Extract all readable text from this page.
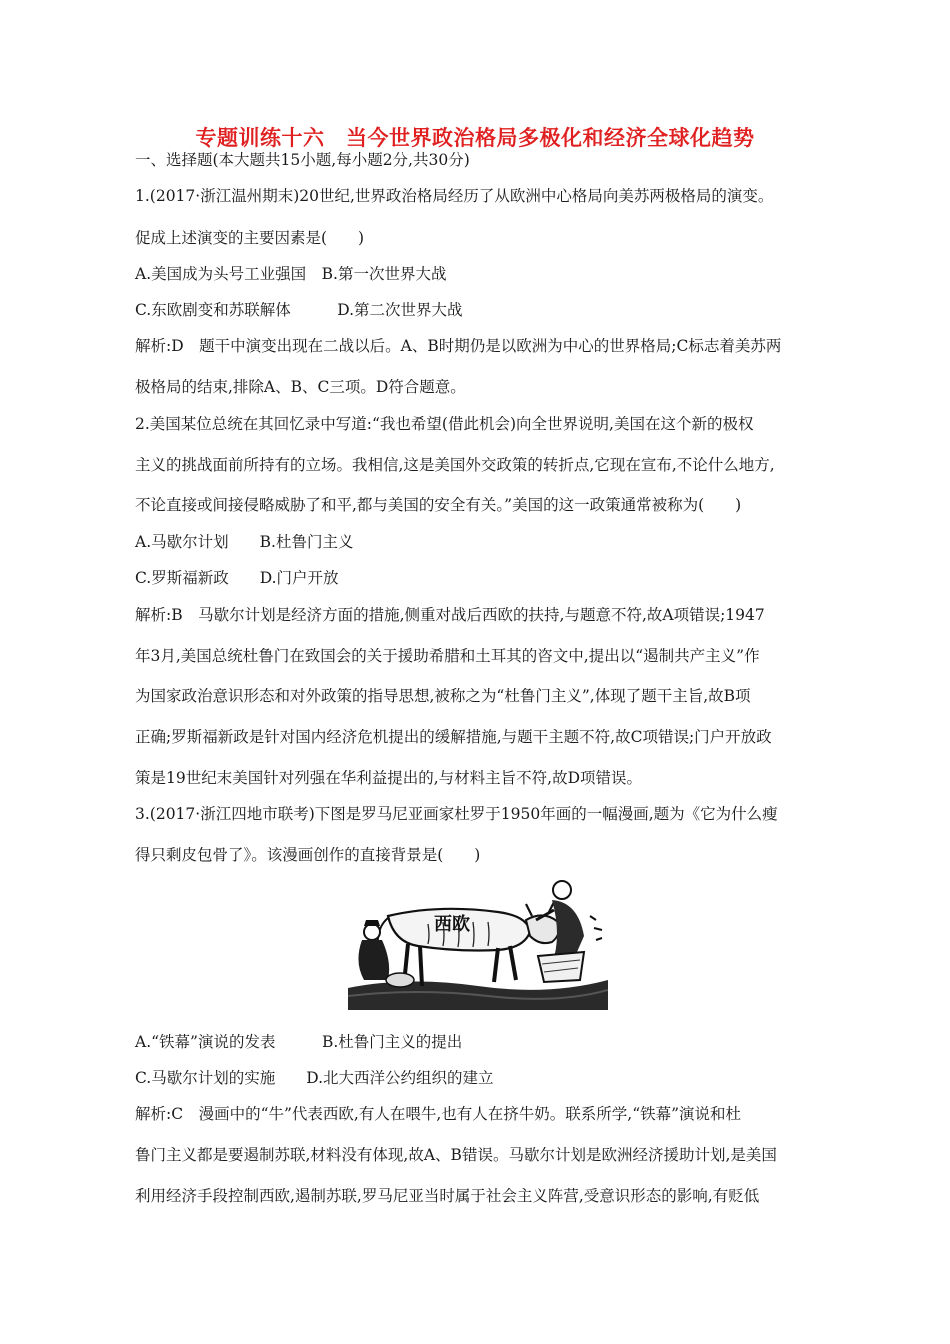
专题训练十六　当今世界政治格局多极化和经济全球化趋势
一、选择题(本大题共15小题,每小题2分,共30分)
1.(2017·浙江温州期末)20世纪,世界政治格局经历了从欧洲中心格局向美苏两极格局的演变。
促成上述演变的主要因素是(　　)
A.美国成为头号工业强国　B.第一次世界大战
C.东欧剧变和苏联解体　　　D.第二次世界大战
解析:D　题干中演变出现在二战以后。A、B时期仍是以欧洲为中心的世界格局;C标志着美苏两
极格局的结束,排除A、B、C三项。D符合题意。
2.美国某位总统在其回忆录中写道:“我也希望(借此机会)向全世界说明,美国在这个新的极权
主义的挑战面前所持有的立场。我相信,这是美国外交政策的转折点,它现在宣布,不论什么地方,
不论直接或间接侵略威胁了和平,都与美国的安全有关。”美国的这一政策通常被称为(　　)
A.马歇尔计划　　B.杜鲁门主义
C.罗斯福新政　　D.门户开放
解析:B　马歇尔计划是经济方面的措施,侧重对战后西欧的扶持,与题意不符,故A项错误;1947
年3月,美国总统杜鲁门在致国会的关于援助希腊和土耳其的咨文中,提出以“遏制共产主义”作
为国家政治意识形态和对外政策的指导思想,被称之为“杜鲁门主义”,体现了题干主旨,故B项
正确;罗斯福新政是针对国内经济危机提出的缓解措施,与题干主题不符,故C项错误;门户开放政
策是19世纪末美国针对列强在华利益提出的,与材料主旨不符,故D项错误。
3.(2017·浙江四地市联考)下图是罗马尼亚画家杜罗于1950年画的一幅漫画,题为《它为什么瘦
得只剩皮包骨了》。该漫画创作的直接背景是(　　)
西欧
A.“铁幕”演说的发表　　　B.杜鲁门主义的提出
C.马歇尔计划的实施　　D.北大西洋公约组织的建立
解析:C　漫画中的“牛”代表西欧,有人在喂牛,也有人在挤牛奶。联系所学,“铁幕”演说和杜
鲁门主义都是要遏制苏联,材料没有体现,故A、B错误。马歇尔计划是欧洲经济援助计划,是美国
利用经济手段控制西欧,遏制苏联,罗马尼亚当时属于社会主义阵营,受意识形态的影响,有贬低
